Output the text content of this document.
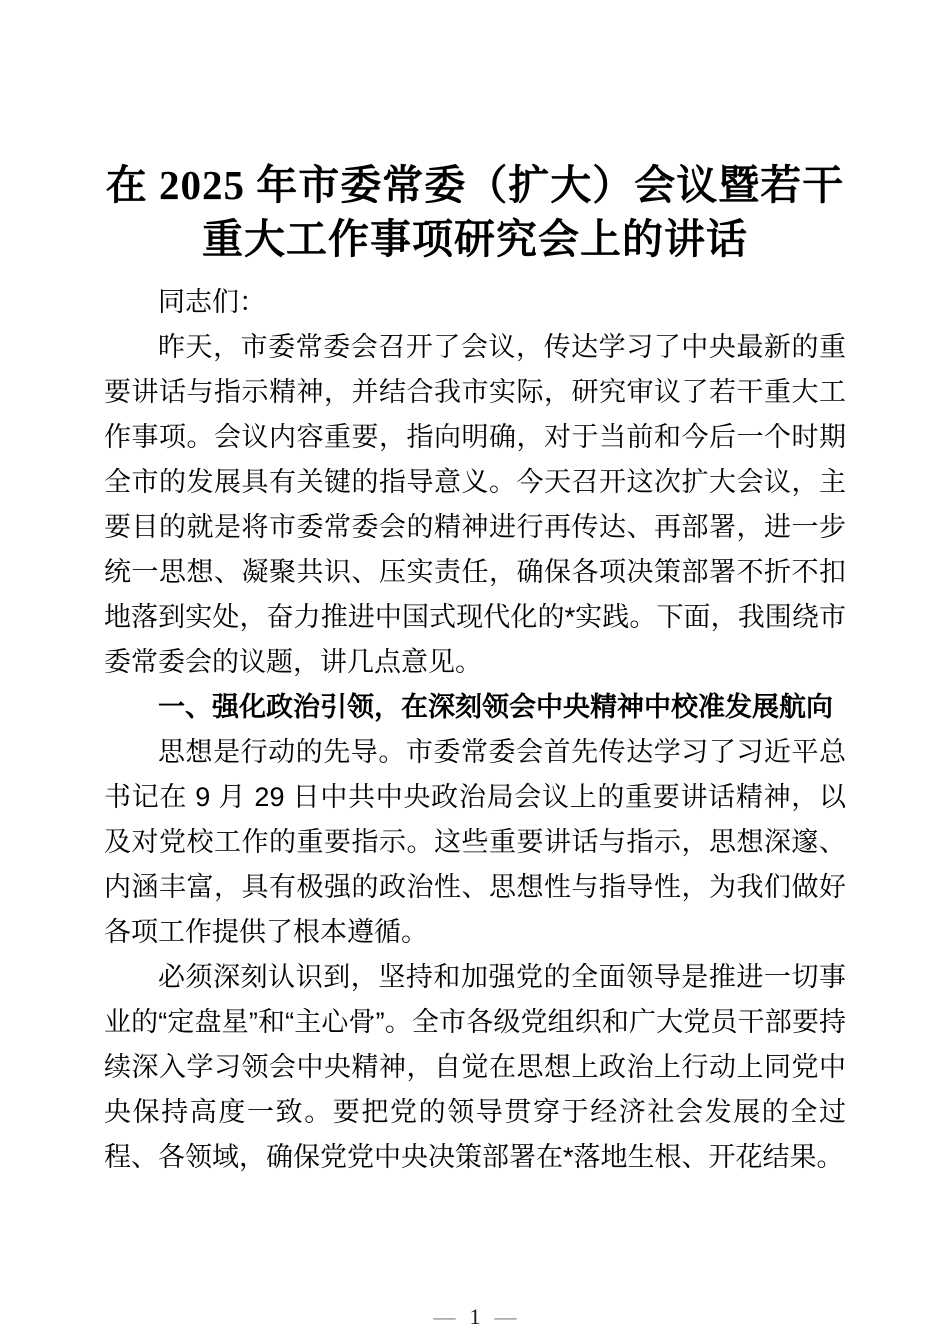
在 2025 年市委常委（扩大）会议暨若干重大工作事项研究会上的讲话

同志们：

昨天，市委常委会召开了会议，传达学习了中央最新的重要讲话与指示精神，并结合我市实际，研究审议了若干重大工作事项。会议内容重要，指向明确，对于当前和今后一个时期全市的发展具有关键的指导意义。今天召开这次扩大会议，主要目的就是将市委常委会的精神进行再传达、再部署，进一步统一思想、凝聚共识、压实责任，确保各项决策部署不折不扣地落到实处，奋力推进中国式现代化的*实践。下面，我围绕市委常委会的议题，讲几点意见。

一、强化政治引领，在深刻领会中央精神中校准发展航向

思想是行动的先导。市委常委会首先传达学习了习近平总书记在 9 月 29 日中共中央政治局会议上的重要讲话精神，以及对党校工作的重要指示。这些重要讲话与指示，思想深邃、内涵丰富，具有极强的政治性、思想性与指导性，为我们做好各项工作提供了根本遵循。

必须深刻认识到，坚持和加强党的全面领导是推进一切事业的“定盘星”和“主心骨”。全市各级党组织和广大党员干部要持续深入学习领会中央精神，自觉在思想上政治上行动上同党中央保持高度一致。要把党的领导贯穿于经济社会发展的全过程、各领域，确保党党中央决策部署在*落地生根、开花结果。

— 1 —
